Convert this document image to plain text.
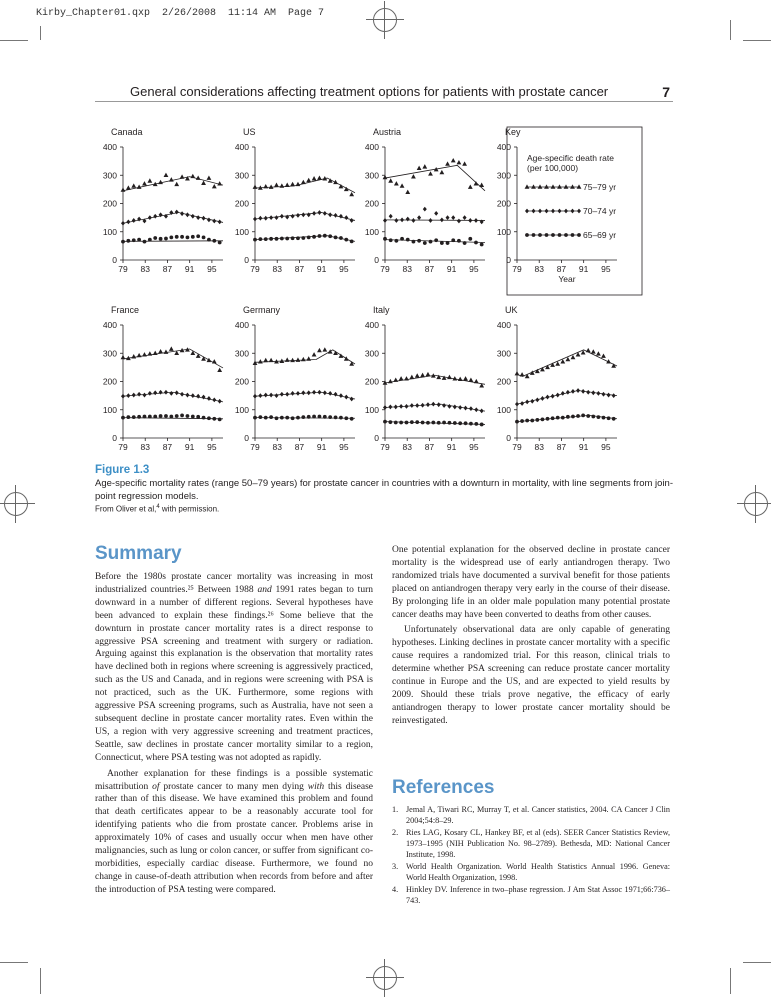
Kirby_Chapter01.qxp  2/26/2008  11:14 AM  Page 7
General considerations affecting treatment options for patients with prostate cancer	7
Canada
0
100
200
300
400
79 83 87 91 95
US
0
100
200
300
400
79 83 87 91 95
Austria
0
100
200
300
400
79 83 87 91 95
France
0
100
200
300
400
79 83 87 91 95
Germany
0
100
200
300
400
79 83 87 91 95
Italy
0
100
200
300
400
79 83 87 91 95
UK
0
100
200
300
400
79 83 87 91 95
Key
0
100
200
300
400
79 83 87 91 95
Age-specific death rate
(per 100,000)
Year
75–79 yr
70–74 yr
65–69 yr
Figure 1.3
Age-specific mortality rates (range 50–79 years) for prostate cancer in countries with a downturn in mortality, with line segments from join-point regression models.
From Oliver et al,$^4$ with permission.
Summary

Before the 1980s prostate cancer mortality was increasing in most industrialized countries.²⁵ Between 1988 and 1991 rates began to turn downward in a number of different regions. Several hypotheses have been advanced to explain these findings.²⁶ Some believe that the downturn in prostate cancer mortality rates is a direct response to aggressive PSA screening and treatment with surgery or radiation. Arguing against this explanation is the observation that mortality rates have declined both in regions where screening is aggressively practiced, such as the US and Canada, and in regions were screening with PSA is not practiced, such as the UK. Furthermore, some regions with aggressive PSA screening programs, such as Australia, have not seen a subsequent decline in prostate cancer mortality rates. Even within the US, a region with very aggressive screening and treatment practices, Seattle, saw declines in prostate cancer mortality similar to a region, Connecticut, where PSA testing was not adopted as rapidly.

Another explanation for these findings is a possible systematic misattribution of prostate cancer to many men dying with this disease rather than of this disease. We have examined this problem and found that death certificates appear to be a reasonably accurate tool for identifying patients who die from prostate cancer. Problems arise in approximately 10% of cases and usually occur when men have other malignancies, such as lung or colon cancer, or suffer from significant co-morbidities, especially cardiac disease. Furthermore, we found no change in cause-of-death attribution when records from before and after the introduction of PSA testing were compared.

One potential explanation for the observed decline in prostate cancer mortality is the widespread use of early antiandrogen therapy. Two randomized trials have documented a survival benefit for those patients placed on antiandrogen therapy very early in the course of their disease. By prolonging life in an older male population many potential prostate cancer deaths may have been converted to deaths from other causes.

Unfortunately observational data are only capable of generating hypotheses. Linking declines in prostate cancer mortality with a specific cause requires a randomized trial. For this reason, clinical trials to determine whether PSA screening can reduce prostate cancer mortality continue in Europe and the US, and are expected to yield results by 2009. Should these trials prove negative, the efficacy of early antiandrogen therapy to lower prostate cancer mortality should be reinvestigated.

References
1. Jemal A, Tiwari RC, Murray T, et al. Cancer statistics, 2004. CA Cancer J Clin 2004;54:8–29.
2. Ries LAG, Kosary CL, Hankey BF, et al (eds). SEER Cancer Statistics Review, 1973–1995 (NIH Publication No. 98–2789). Bethesda, MD: National Cancer Institute, 1998.
3. World Health Organization. World Health Statistics Annual 1996. Geneva: World Health Organization, 1998.
4. Hinkley DV. Inference in two–phase regression. J Am Stat Assoc 1971;66:736–743.
